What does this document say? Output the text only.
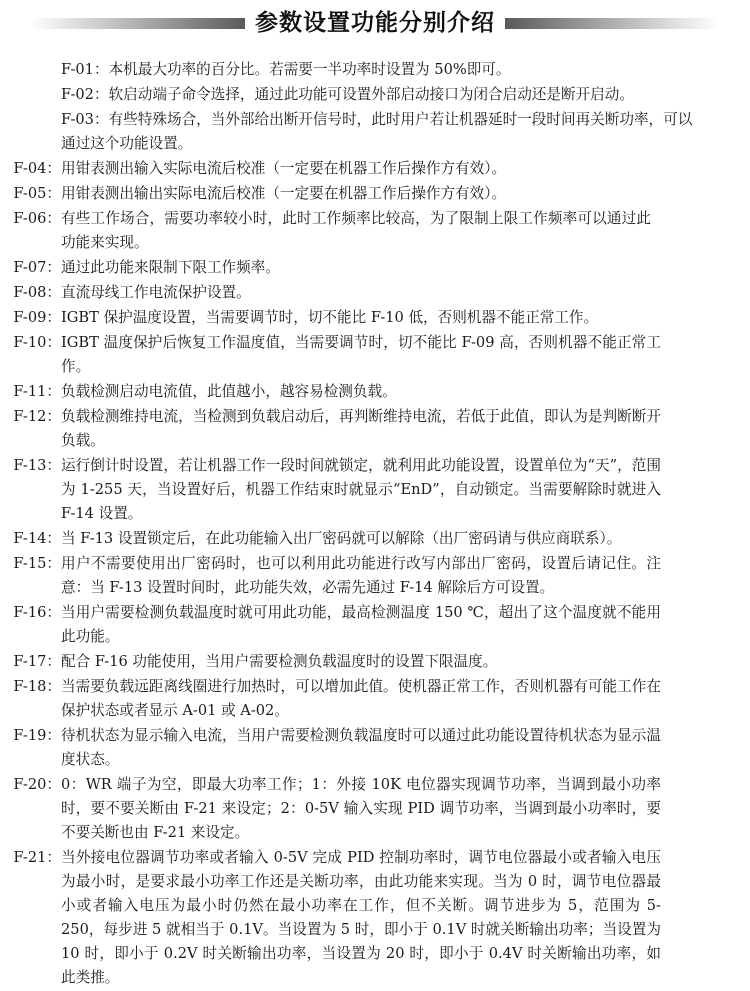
参数设置功能分别介绍
F-01：本机最大功率的百分比。若需要一半功率时设置为 50%即可。
F-02：软启动端子命令选择，通过此功能可设置外部启动接口为闭合启动还是断开启动。
F-03：有些特殊场合，当外部给出断开信号时，此时用户若让机器延时一段时间再关断功率，可以通过这个功能设置。
F-04： 用钳表测出输入实际电流后校准（一定要在机器工作后操作方有效）。
F-05： 用钳表测出输出实际电流后校准（一定要在机器工作后操作方有效）。
F-06： 有些工作场合，需要功率较小时，此时工作频率比较高，为了限制上限工作频率可以通过此功能来实现。
F-07： 通过此功能来限制下限工作频率。
F-08： 直流母线工作电流保护设置。
F-09： IGBT 保护温度设置，当需要调节时，切不能比 F-10 低，否则机器不能正常工作。
F-10： IGBT 温度保护后恢复工作温度值，当需要调节时，切不能比 F-09 高，否则机器不能正常工作。
F-11： 负载检测启动电流值，此值越小，越容易检测负载。
F-12： 负载检测维持电流，当检测到负载启动后，再判断维持电流，若低于此值，即认为是判断断开负载。
F-13： 运行倒计时设置，若让机器工作一段时间就锁定，就利用此功能设置，设置单位为“天”，范围为 1-255 天，当设置好后，机器工作结束时就显示“EnD”，自动锁定。当需要解除时就进入 F-14 设置。
F-14： 当 F-13 设置锁定后，在此功能输入出厂密码就可以解除（出厂密码请与供应商联系）。
F-15： 用户不需要使用出厂密码时，也可以利用此功能进行改写内部出厂密码，设置后请记住。注意：当 F-13 设置时间时，此功能失效，必需先通过 F-14 解除后方可设置。
F-16： 当用户需要检测负载温度时就可用此功能，最高检测温度 150 ℃，超出了这个温度就不能用此功能。
F-17： 配合 F-16 功能使用，当用户需要检测负载温度时的设置下限温度。
F-18： 当需要负载远距离线圈进行加热时，可以增加此值。使机器正常工作，否则机器有可能工作在保护状态或者显示 A-01 或 A-02。
F-19： 待机状态为显示输入电流，当用户需要检测负载温度时可以通过此功能设置待机状态为显示温度状态。
F-20： 0：WR 端子为空，即最大功率工作；1：外接 10K 电位器实现调节功率，当调到最小功率时，要不要关断由 F-21 来设定；2：0-5V 输入实现 PID 调节功率，当调到最小功率时，要不要关断也由 F-21 来设定。
F-21： 当外接电位器调节功率或者输入 0-5V 完成 PID 控制功率时，调节电位器最小或者输入电压为最小时，是要求最小功率工作还是关断功率，由此功能来实现。当为 0 时，调节电位器最小或者输入电压为最小时仍然在最小功率在工作，但不关断。调节进步为 5，范围为 5-250，每步进 5 就相当于 0.1V。当设置为 5 时，即小于 0.1V 时就关断输出功率；当设置为 10 时，即小于 0.2V 时关断输出功率，当设置为 20 时，即小于 0.4V 时关断输出功率，如此类推。
